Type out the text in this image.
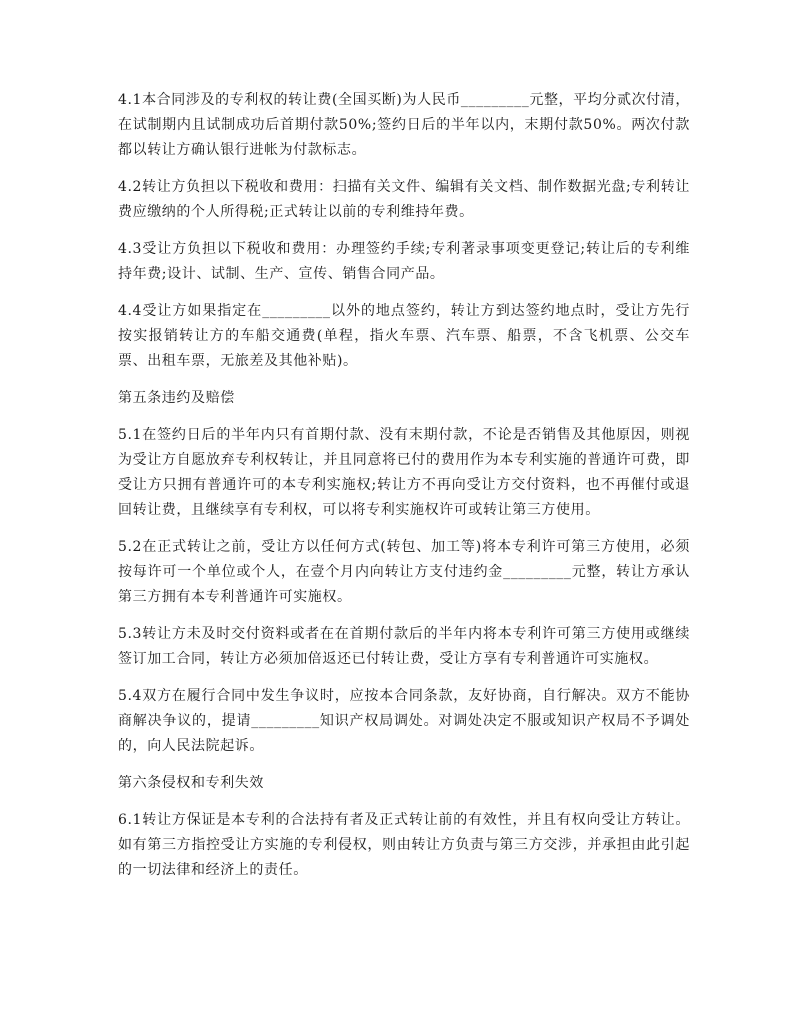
4.1本合同涉及的专利权的转让费(全国买断)为人民币_________元整，平均分贰次付清，在试制期内且试制成功后首期付款50%;签约日后的半年以内，末期付款50%。两次付款都以转让方确认银行进帐为付款标志。

4.2转让方负担以下税收和费用：扫描有关文件、编辑有关文档、制作数据光盘;专利转让费应缴纳的个人所得税;正式转让以前的专利维持年费。

4.3受让方负担以下税收和费用：办理签约手续;专利著录事项变更登记;转让后的专利维持年费;设计、试制、生产、宣传、销售合同产品。

4.4受让方如果指定在_________以外的地点签约，转让方到达签约地点时，受让方先行按实报销转让方的车船交通费(单程，指火车票、汽车票、船票，不含飞机票、公交车票、出租车票，无旅差及其他补贴)。

第五条违约及赔偿

5.1在签约日后的半年内只有首期付款、没有末期付款，不论是否销售及其他原因，则视为受让方自愿放弃专利权转让，并且同意将已付的费用作为本专利实施的普通许可费，即受让方只拥有普通许可的本专利实施权;转让方不再向受让方交付资料，也不再催付或退回转让费，且继续享有专利权，可以将专利实施权许可或转让第三方使用。

5.2在正式转让之前，受让方以任何方式(转包、加工等)将本专利许可第三方使用，必须按每许可一个单位或个人，在壹个月内向转让方支付违约金_________元整，转让方承认第三方拥有本专利普通许可实施权。

5.3转让方未及时交付资料或者在在首期付款后的半年内将本专利许可第三方使用或继续签订加工合同，转让方必须加倍返还已付转让费，受让方享有专利普通许可实施权。

5.4双方在履行合同中发生争议时，应按本合同条款，友好协商，自行解决。双方不能协商解决争议的，提请_________知识产权局调处。对调处决定不服或知识产权局不予调处的，向人民法院起诉。

第六条侵权和专利失效

6.1转让方保证是本专利的合法持有者及正式转让前的有效性，并且有权向受让方转让。如有第三方指控受让方实施的专利侵权，则由转让方负责与第三方交涉，并承担由此引起的一切法律和经济上的责任。
